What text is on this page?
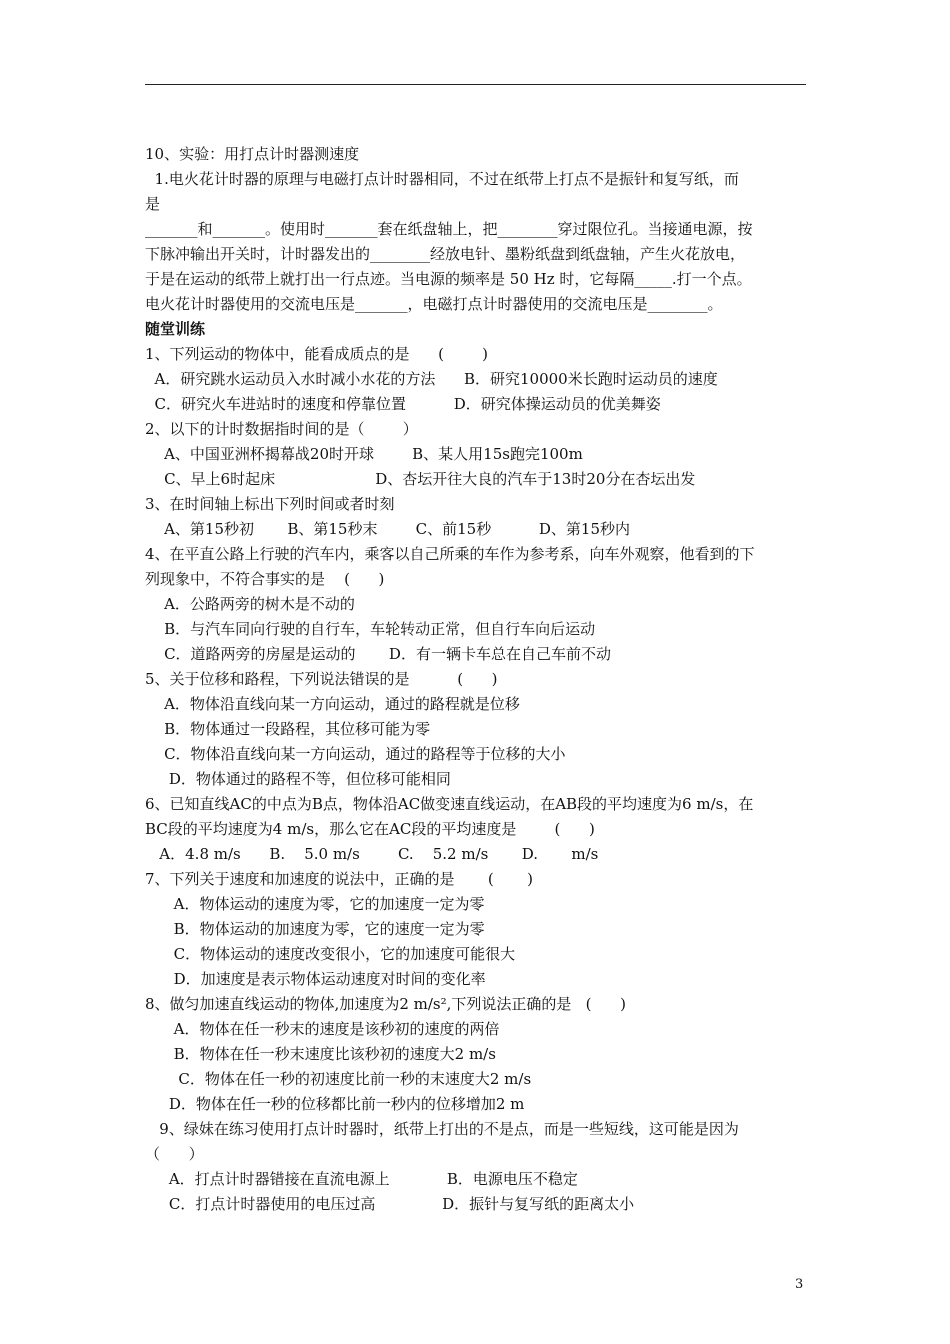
10、实验：用打点计时器测速度
1.电火花计时器的原理与电磁打点计时器相同，不过在纸带上打点不是振针和复写纸，而
是
_______和_______。使用时_______套在纸盘轴上，把________穿过限位孔。当接通电源，按
下脉冲输出开关时，计时器发出的________经放电针、墨粉纸盘到纸盘轴，产生火花放电，
于是在运动的纸带上就打出一行点迹。当电源的频率是 50 Hz 时，它每隔_____.打一个点。
电火花计时器使用的交流电压是_______，电磁打点计时器使用的交流电压是________。
随堂训练
1、下列运动的物体中，能看成质点的是      (        )
A．研究跳水运动员入水时减小水花的方法      B．研究10000米长跑时运动员的速度
C．研究火车进站时的速度和停靠位置          D．研究体操运动员的优美舞姿
2、以下的计时数据指时间的是（        ）
A、中国亚洲杯揭幕战20时开球        B、某人用15s跑完100m
C、早上6时起床                     D、杏坛开往大良的汽车于13时20分在杏坛出发
3、在时间轴上标出下列时间或者时刻
A、第15秒初       B、第15秒末        C、前15秒          D、第15秒内
4、在平直公路上行驶的汽车内，乘客以自己所乘的车作为参考系，向车外观察，他看到的下
列现象中，不符合事实的是    (      )
A．公路两旁的树木是不动的
B．与汽车同向行驶的自行车，车轮转动正常，但自行车向后运动
C．道路两旁的房屋是运动的       D．有一辆卡车总在自己车前不动
5、关于位移和路程，下列说法错误的是          (      )
A．物体沿直线向某一方向运动，通过的路程就是位移
B．物体通过一段路程，其位移可能为零
C．物体沿直线向某一方向运动，通过的路程等于位移的大小
D．物体通过的路程不等，但位移可能相同
6、已知直线AC的中点为B点，物体沿AC做变速直线运动，在AB段的平均速度为6 m/s，在
BC段的平均速度为4 m/s，那么它在AC段的平均速度是        (      )
A．4.8 m/s      B.    5.0 m/s        C.    5.2 m/s       D.       m/s
7、下列关于速度和加速度的说法中，正确的是       (       )
A．物体运动的速度为零，它的加速度一定为零
B．物体运动的加速度为零，它的速度一定为零
C．物体运动的速度改变很小，它的加速度可能很大
D．加速度是表示物体运动速度对时间的变化率
8、做匀加速直线运动的物体,加速度为2 m/s²,下列说法正确的是   (      )
A．物体在任一秒末的速度是该秒初的速度的两倍
B．物体在任一秒末速度比该秒初的速度大2 m/s
C．物体在任一秒的初速度比前一秒的末速度大2 m/s
D．物体在任一秒的位移都比前一秒内的位移增加2 m
9、绿妹在练习使用打点计时器时，纸带上打出的不是点，而是一些短线，这可能是因为
（      ）
A．打点计时器错接在直流电源上            B．电源电压不稳定
C．打点计时器使用的电压过高              D．振针与复写纸的距离太小
3
